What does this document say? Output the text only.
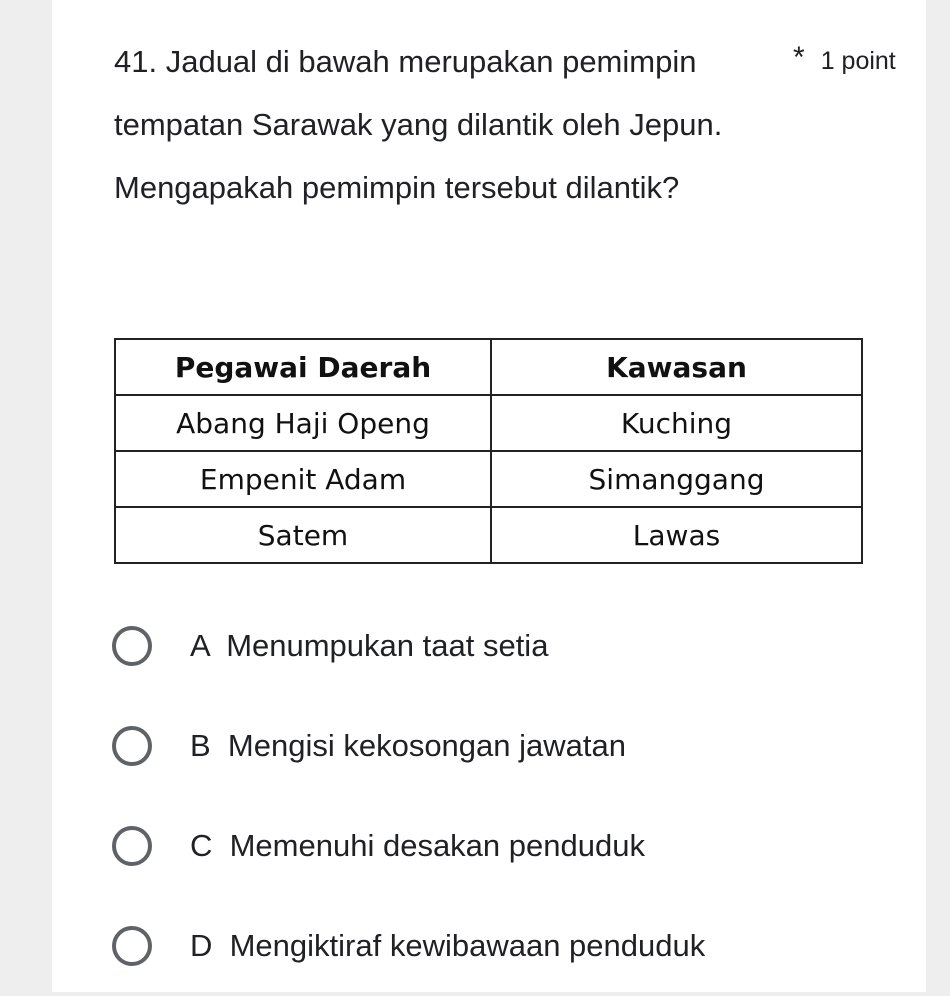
41. Jadual di bawah merupakan pemimpin tempatan Sarawak yang dilantik oleh Jepun. Mengapakah pemimpin tersebut dilantik?

* 1 point
Pegawai Daerah	Kawasan
Abang Haji Openg	Kuching
Empenit Adam	Simanggang
Satem	Lawas
A  Menumpukan taat setia
B  Mengisi kekosongan jawatan
C  Memenuhi desakan penduduk
D  Mengiktiraf kewibawaan penduduk
